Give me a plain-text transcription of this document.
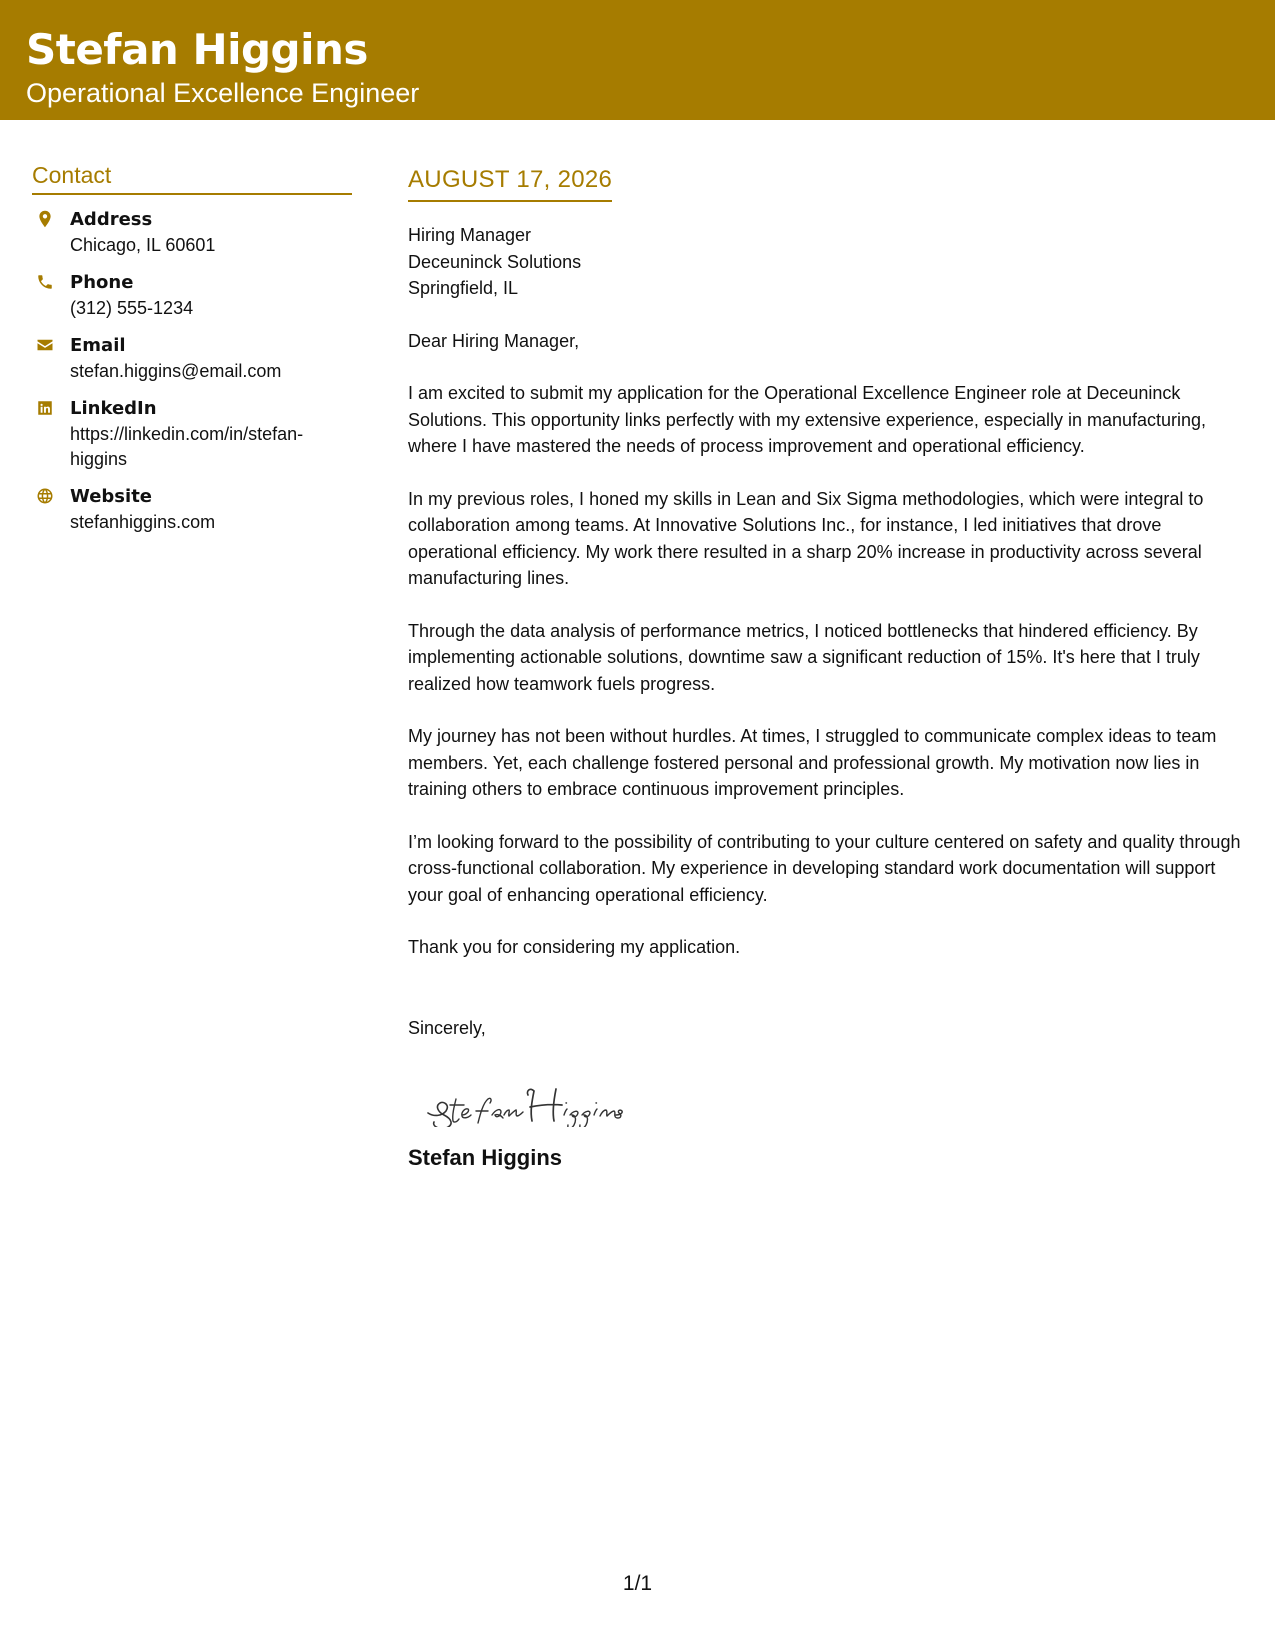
Stefan Higgins
Operational Excellence Engineer
Contact
Address
Chicago, IL 60601
Phone
(312) 555-1234
Email
stefan.higgins@email.com
LinkedIn
https://linkedin.com/in/stefan-higgins
Website
stefanhiggins.com
AUGUST 17, 2026
Hiring Manager
Deceuninck Solutions
Springfield, IL
Dear Hiring Manager,

I am excited to submit my application for the Operational Excellence Engineer role at Deceuninck Solutions. This opportunity links perfectly with my extensive experience, especially in manufacturing, where I have mastered the needs of process improvement and operational efficiency.

In my previous roles, I honed my skills in Lean and Six Sigma methodologies, which were integral to collaboration among teams. At Innovative Solutions Inc., for instance, I led initiatives that drove operational efficiency. My work there resulted in a sharp 20% increase in productivity across several manufacturing lines.

Through the data analysis of performance metrics, I noticed bottlenecks that hindered efficiency. By implementing actionable solutions, downtime saw a significant reduction of 15%. It's here that I truly realized how teamwork fuels progress.

My journey has not been without hurdles. At times, I struggled to communicate complex ideas to team members. Yet, each challenge fostered personal and professional growth. My motivation now lies in training others to embrace continuous improvement principles.

I’m looking forward to the possibility of contributing to your culture centered on safety and quality through cross-functional collaboration. My experience in developing standard work documentation will support your goal of enhancing operational efficiency.

Thank you for considering my application.

Sincerely,
Stefan Higgins
1/1
